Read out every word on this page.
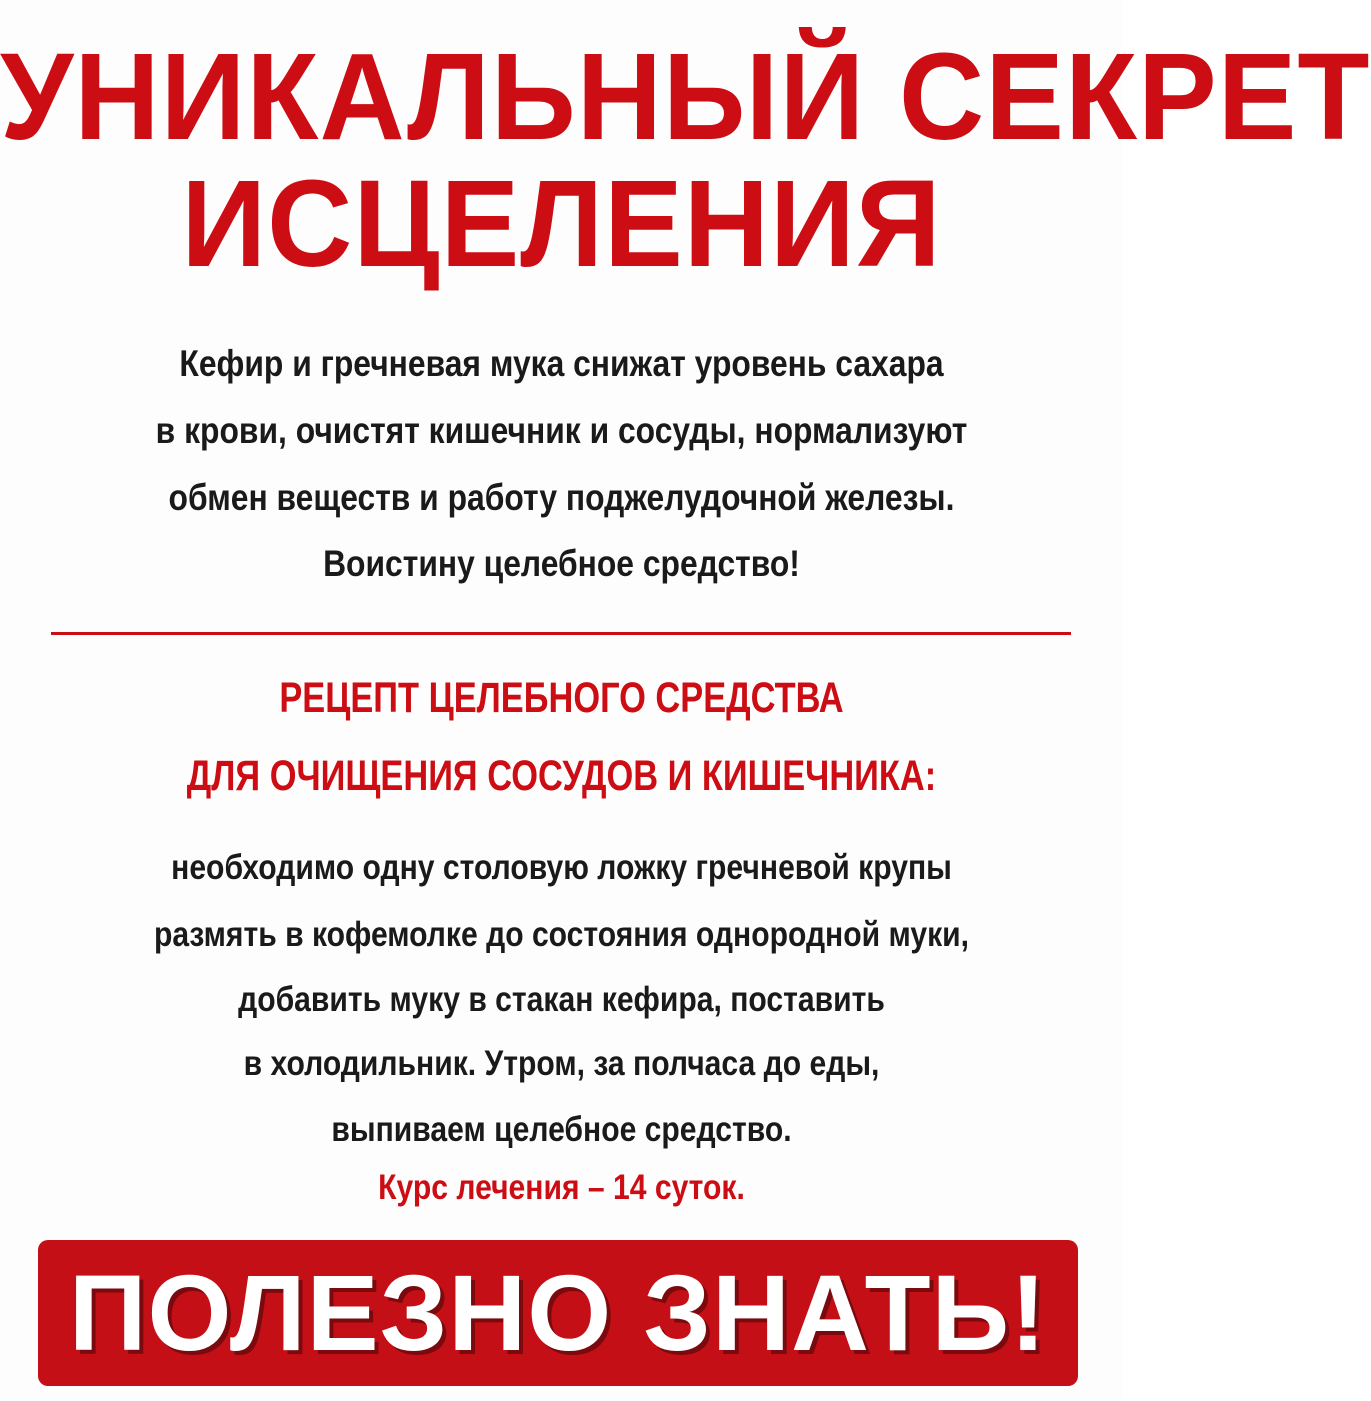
УНИКАЛЬНЫЙ СЕКРЕТ
ИСЦЕЛЕНИЯ
Кефир и гречневая мука снижат уровень сахара
в крови, очистят кишечник и сосуды, нормализуют
обмен веществ и работу поджелудочной железы.
Воистину целебное средство!
РЕЦЕПТ ЦЕЛЕБНОГО СРЕДСТВА
ДЛЯ ОЧИЩЕНИЯ СОСУДОВ И КИШЕЧНИКА:
необходимо одну столовую ложку гречневой крупы
размять в кофемолке до состояния однородной муки,
добавить муку в стакан кефира, поставить
в холодильник. Утром, за полчаса до еды,
выпиваем целебное средство.
Курс лечения – 14 суток.
ПОЛЕЗНО ЗНАТЬ!
